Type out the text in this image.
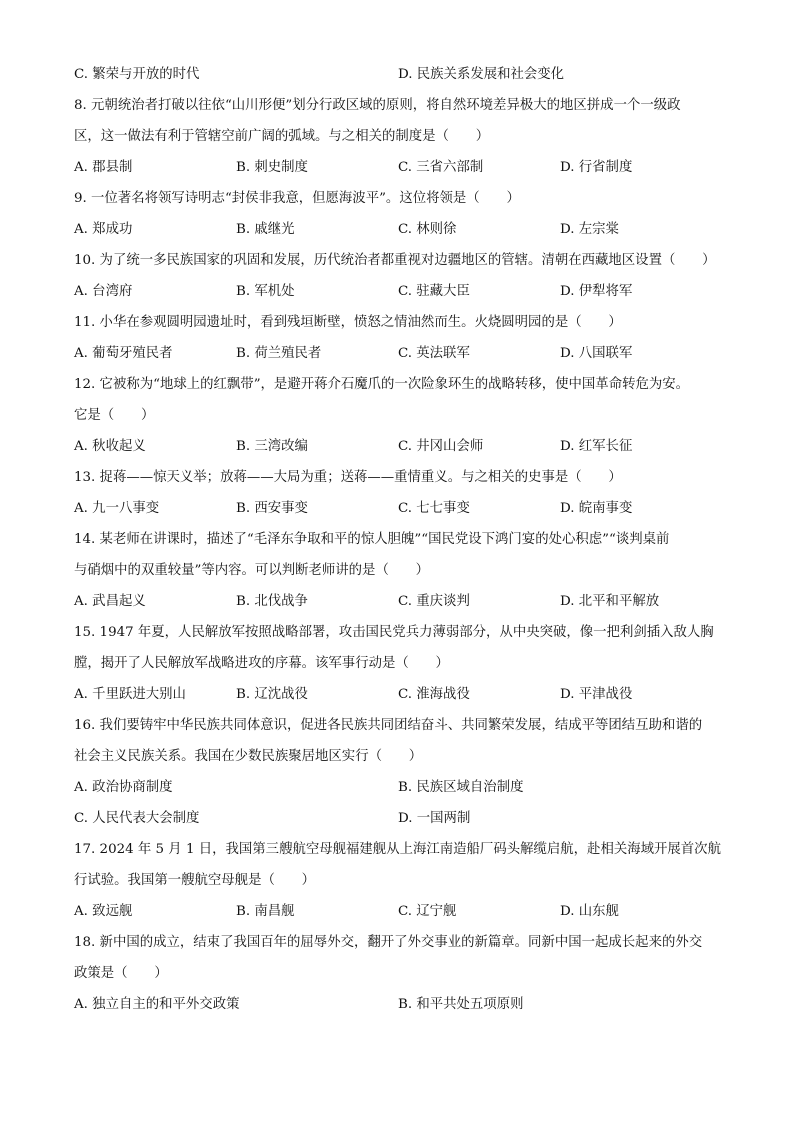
C. 繁荣与开放的时代	D. 民族关系发展和社会变化
8. 元朝统治者打破以往依“山川形便”划分行政区域的原则，将自然环境差异极大的地区拼成一个一级政
区，这一做法有利于管辖空前广阔的弧域。与之相关的制度是（　　）
A. 郡县制	B. 刺史制度	C. 三省六部制	D. 行省制度
9. 一位著名将领写诗明志“封侯非我意，但愿海波平”。这位将领是（　　）
A. 郑成功	B. 戚继光	C. 林则徐	D. 左宗棠
10. 为了统一多民族国家的巩固和发展，历代统治者都重视对边疆地区的管辖。清朝在西藏地区设置（　　）
A. 台湾府	B. 军机处	C. 驻藏大臣	D. 伊犁将军
11. 小华在参观圆明园遗址时，看到残垣断壁，愤怒之情油然而生。火烧圆明园的是（　　）
A. 葡萄牙殖民者	B. 荷兰殖民者	C. 英法联军	D. 八国联军
12. 它被称为“地球上的红飘带”，是避开蒋介石魔爪的一次险象环生的战略转移，使中国革命转危为安。
它是（　　）
A. 秋收起义	B. 三湾改编	C. 井冈山会师	D. 红军长征
13. 捉蒋——惊天义举；放蒋——大局为重；送蒋——重情重义。与之相关的史事是（　　）
A. 九一八事变	B. 西安事变	C. 七七事变	D. 皖南事变
14. 某老师在讲课时，描述了“毛泽东争取和平的惊人胆魄”“国民党设下鸿门宴的处心积虑”“谈判桌前
与硝烟中的双重较量”等内容。可以判断老师讲的是（　　）
A. 武昌起义	B. 北伐战争	C. 重庆谈判	D. 北平和平解放
15. 1947 年夏，人民解放军按照战略部署，攻击国民党兵力薄弱部分，从中央突破，像一把利剑插入敌人胸
膛，揭开了人民解放军战略进攻的序幕。该军事行动是（　　）
A. 千里跃进大别山	B. 辽沈战役	C. 淮海战役	D. 平津战役
16. 我们要铸牢中华民族共同体意识，促进各民族共同团结奋斗、共同繁荣发展，结成平等团结互助和谐的
社会主义民族关系。我国在少数民族聚居地区实行（　　）
A. 政治协商制度	B. 民族区域自治制度
C. 人民代表大会制度	D. 一国两制
17. 2024 年 5 月 1 日，我国第三艘航空母舰福建舰从上海江南造船厂码头解缆启航，赴相关海域开展首次航
行试验。我国第一艘航空母舰是（　　）
A. 致远舰	B. 南昌舰	C. 辽宁舰	D. 山东舰
18. 新中国的成立，结束了我国百年的屈辱外交，翻开了外交事业的新篇章。同新中国一起成长起来的外交
政策是（　　）
A. 独立自主的和平外交政策	B. 和平共处五项原则
